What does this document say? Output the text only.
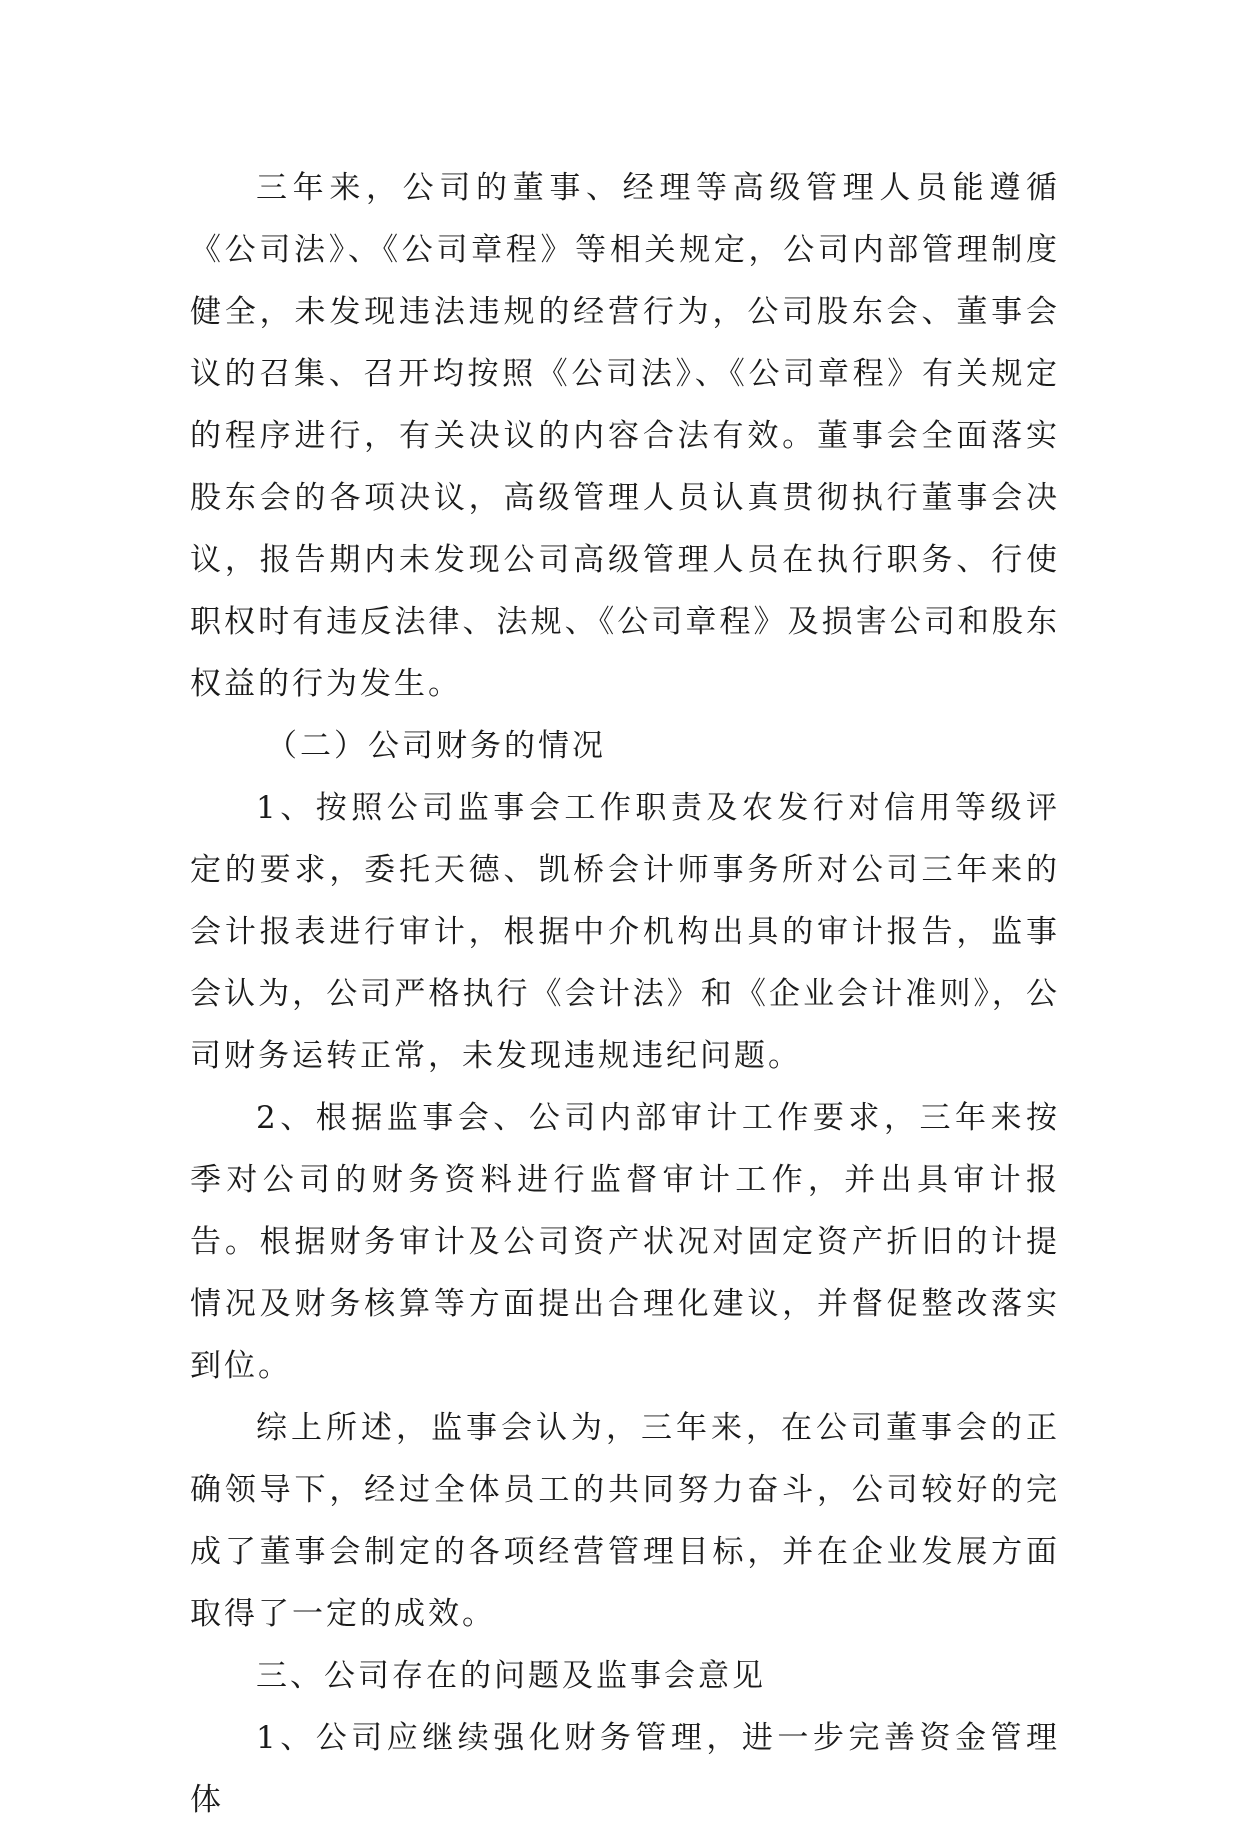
三年来，公司的董事、经理等高级管理人员能遵循《公司法》、《公司章程》等相关规定，公司内部管理制度健全，未发现违法违规的经营行为，公司股东会、董事会议的召集、召开均按照《公司法》、《公司章程》有关规定的程序进行，有关决议的内容合法有效。董事会全面落实股东会的各项决议，高级管理人员认真贯彻执行董事会决议，报告期内未发现公司高级管理人员在执行职务、行使职权时有违反法律、法规、《公司章程》及损害公司和股东权益的行为发生。

（二）公司财务的情况

1、按照公司监事会工作职责及农发行对信用等级评定的要求，委托天德、凯桥会计师事务所对公司三年来的会计报表进行审计，根据中介机构出具的审计报告，监事会认为，公司严格执行《会计法》和《企业会计准则》，公司财务运转正常，未发现违规违纪问题。

2、根据监事会、公司内部审计工作要求，三年来按季对公司的财务资料进行监督审计工作，并出具审计报告。根据财务审计及公司资产状况对固定资产折旧的计提情况及财务核算等方面提出合理化建议，并督促整改落实到位。

综上所述，监事会认为，三年来，在公司董事会的正确领导下，经过全体员工的共同努力奋斗，公司较好的完成了董事会制定的各项经营管理目标，并在企业发展方面取得了一定的成效。

三、公司存在的问题及监事会意见

1、公司应继续强化财务管理，进一步完善资金管理体
